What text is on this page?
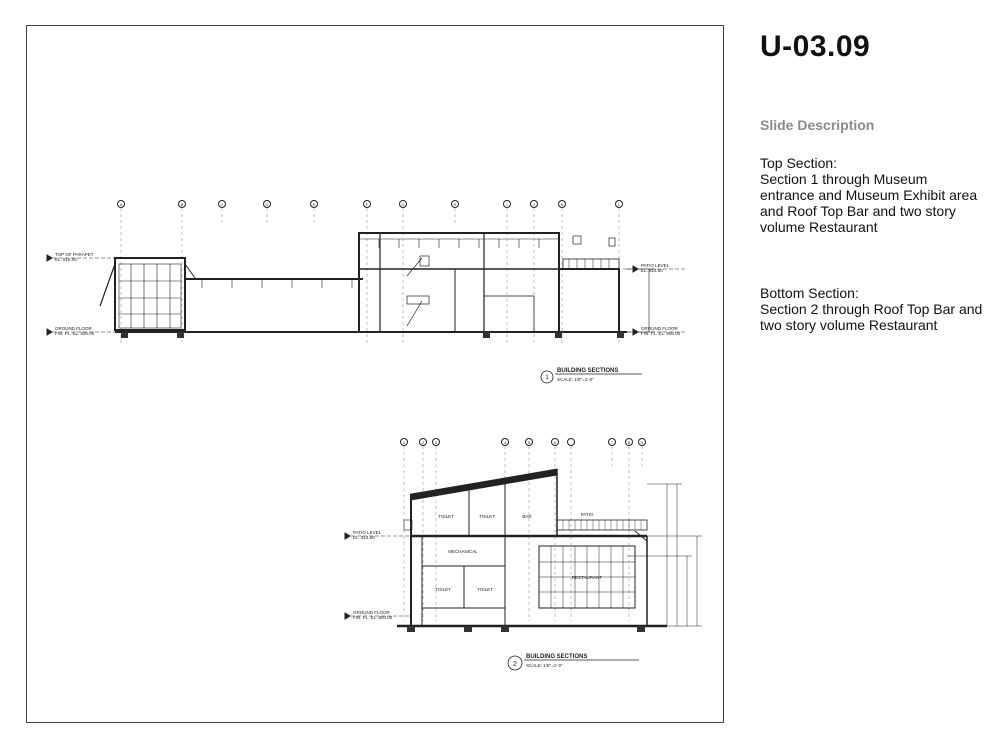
A	B	C	D	E	F	G	H	I	J	K	L
TOP OF PARAPET EL. 816.00
GROUND FLOOR FIN. FL. EL. 800.00
PATIO LEVEL EL. 814.50
GROUND FLOOR FIN. FL. EL. 800.00
1
BUILDING SECTIONS
SCALE: 1/8"=1'-0"
1	2	3	4	5	6	7	8	9
TOILET	TOILET	BAR	PATIO
MECHANICAL
RESTAURANT
TOILET	TOILET
PATIO LEVEL EL. 814.50
GROUND FLOOR FIN. FL. EL. 800.00
2
BUILDING SECTIONS
SCALE: 1/8"=1'-0"
U-03.09
Slide Description
Top Section:
Section 1 through Museum entrance and Museum Exhibit area and Roof Top Bar and two story volume Restaurant
Bottom Section:
Section 2 through Roof Top Bar and two story volume Restaurant
